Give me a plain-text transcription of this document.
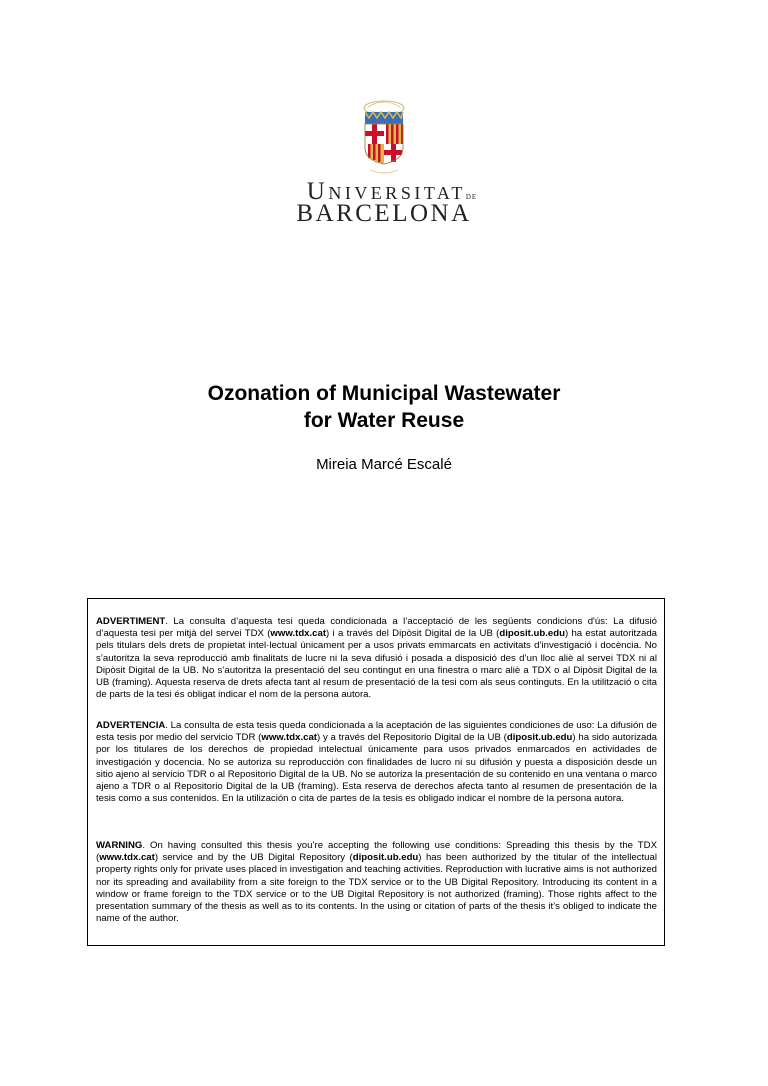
Universitatde
BARCELONA
Ozonation of Municipal Wastewater
for Water Reuse
Mireia Marcé Escalé
ADVERTIMENT. La consulta d’aquesta tesi queda condicionada a l’acceptació de les següents condicions d'ús: La difusió d’aquesta tesi per mitjà del servei TDX (www.tdx.cat) i a través del Dipòsit Digital de la UB (diposit.ub.edu) ha estat autoritzada pels titulars dels drets de propietat intel·lectual únicament per a usos privats emmarcats en activitats d’investigació i docència. No s’autoritza la seva reproducció amb finalitats de lucre ni la seva difusió i posada a disposició des d’un lloc aliè al servei TDX ni al Dipòsit Digital de la UB. No s’autoritza la presentació del seu contingut en una finestra o marc aliè a TDX o al Dipòsit Digital de la UB (framing). Aquesta reserva de drets afecta tant al resum de presentació de la tesi com als seus continguts. En la utilització o cita de parts de la tesi és obligat indicar el nom de la persona autora.
ADVERTENCIA. La consulta de esta tesis queda condicionada a la aceptación de las siguientes condiciones de uso: La difusión de esta tesis por medio del servicio TDR (www.tdx.cat) y a través del Repositorio Digital de la UB (diposit.ub.edu) ha sido autorizada por los titulares de los derechos de propiedad intelectual únicamente para usos privados enmarcados en actividades de investigación y docencia. No se autoriza su reproducción con finalidades de lucro ni su difusión y puesta a disposición desde un sitio ajeno al servicio TDR o al Repositorio Digital de la UB. No se autoriza la presentación de su contenido en una ventana o marco ajeno a TDR o al Repositorio Digital de la UB (framing). Esta reserva de derechos afecta tanto al resumen de presentación de la tesis como a sus contenidos. En la utilización o cita de partes de la tesis es obligado indicar el nombre de la persona autora.
WARNING. On having consulted this thesis you’re accepting the following use conditions: Spreading this thesis by the TDX (www.tdx.cat) service and by the UB Digital Repository (diposit.ub.edu) has been authorized by the titular of the intellectual property rights only for private uses placed in investigation and teaching activities. Reproduction with lucrative aims is not authorized nor its spreading and availability from a site foreign to the TDX service or to the UB Digital Repository. Introducing its content in a window or frame foreign to the TDX service or to the UB Digital Repository is not authorized (framing). Those rights affect to the presentation summary of the thesis as well as to its contents. In the using or citation of parts of the thesis it’s obliged to indicate the name of the author.
